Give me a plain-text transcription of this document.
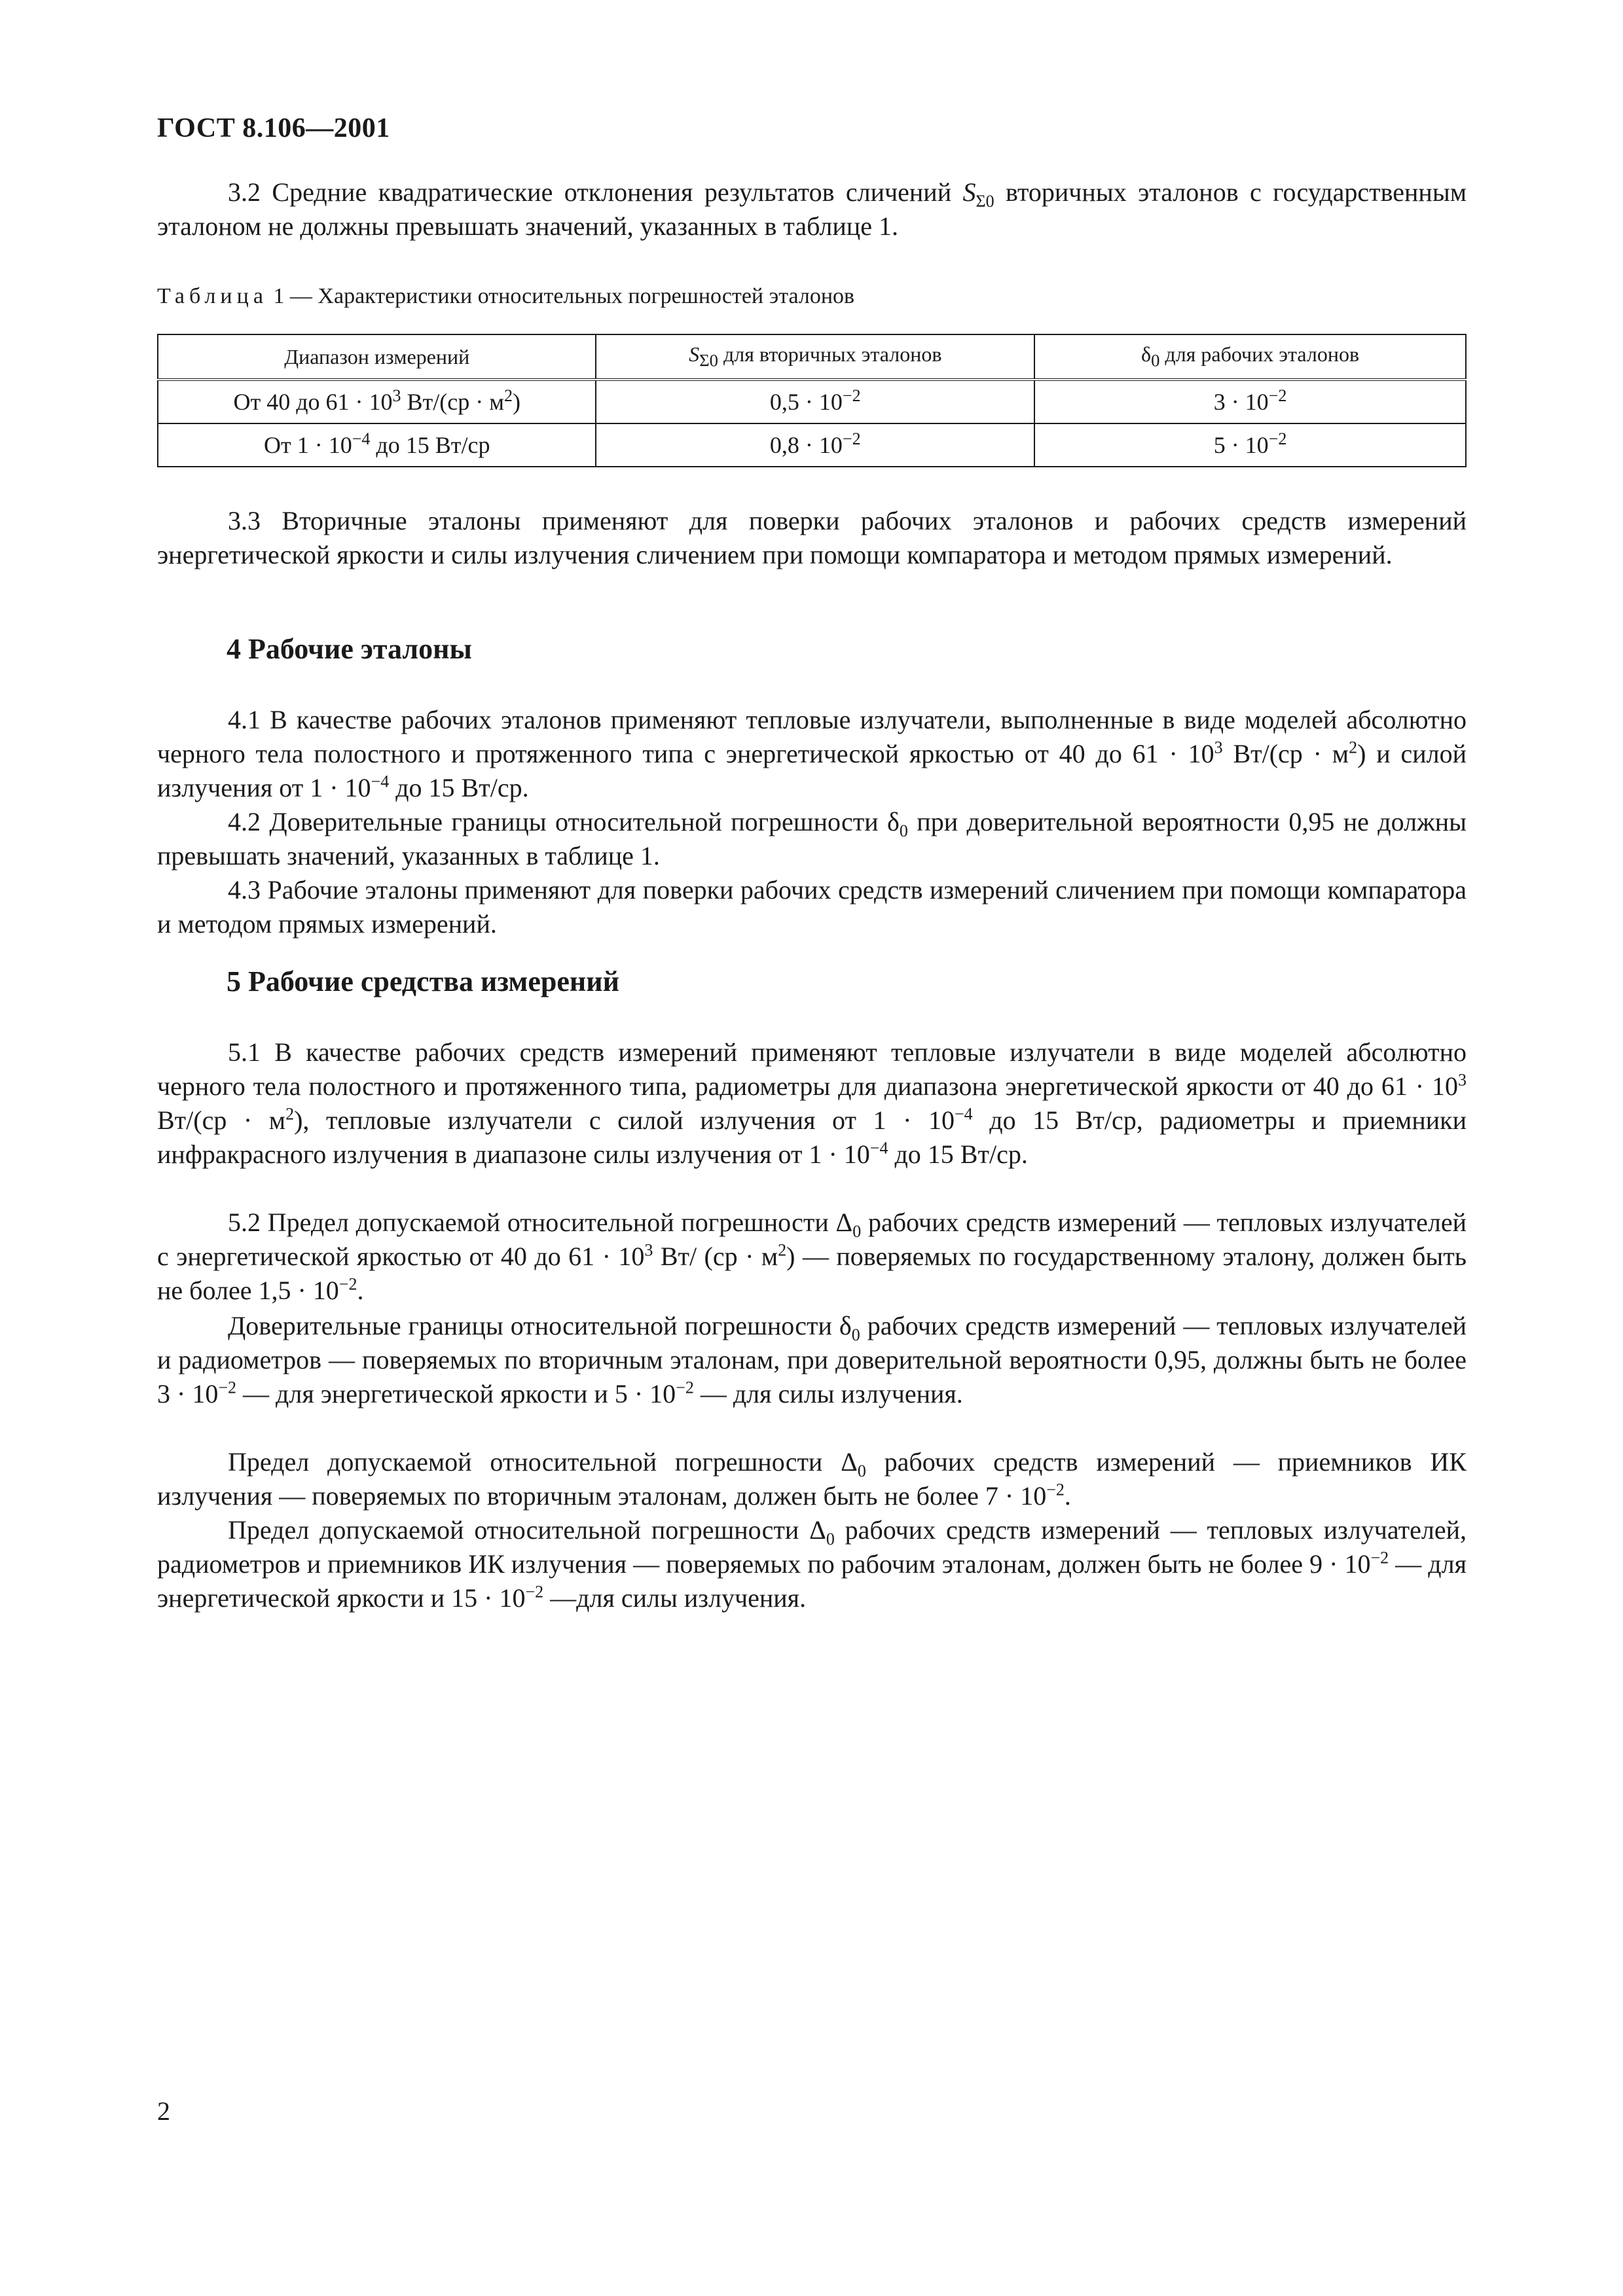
ГОСТ 8.106—2001

3.2 Средние квадратические отклонения результатов сличений $S_{\Sigma 0}$ вторичных эталонов с государственным эталоном не должны превышать значений, указанных в таблице 1.

Таблица 1 — Характеристики относительных погрешностей эталонов
Диапазон измерений	$S_{\Sigma 0}$ для вторичных эталонов	$\delta_0$ для рабочих эталонов
От 40 до $61 \cdot 10^3$ $Вт/(ср \cdot м^2)$	$0,5 \cdot 10^{-2}$	$3 \cdot 10^{-2}$
От $1 \cdot 10^{-4}$ до 15 Вт/ср	$0,8 \cdot 10^{-2}$	$5 \cdot 10^{-2}$

3.3 Вторичные эталоны применяют для поверки рабочих эталонов и рабочих средств измерений энергетической яркости и силы излучения сличением при помощи компаратора и методом прямых измерений.

4 Рабочие эталоны

4.1 В качестве рабочих эталонов применяют тепловые излучатели, выполненные в виде моделей абсолютно черного тела полостного и протяженного типа с энергетической яркостью от 40 до $61 \cdot 10^3$ $Вт/(ср \cdot м^2)$ и силой излучения от $1 \cdot 10^{-4}$ до 15 Вт/ср.

4.2 Доверительные границы относительной погрешности $\delta_0$ при доверительной вероятности 0,95 не должны превышать значений, указанных в таблице 1.

4.3 Рабочие эталоны применяют для поверки рабочих средств измерений сличением при помощи компаратора и методом прямых измерений.

5 Рабочие средства измерений

5.1 В качестве рабочих средств измерений применяют тепловые излучатели в виде моделей абсолютно черного тела полостного и протяженного типа, радиометры для диапазона энергетической яркости от 40 до $61 \cdot 10^3$ $Вт/(ср \cdot м^2)$, тепловые излучатели с силой излучения от $1 \cdot 10^{-4}$ до 15 Вт/ср, радиометры и приемники инфракрасного излучения в диапазоне силы излучения от $1 \cdot 10^{-4}$ до 15 Вт/ср.

5.2 Предел допускаемой относительной погрешности $\Delta_0$ рабочих средств измерений — тепловых излучателей с энергетической яркостью от 40 до $61 \cdot 10^3$ Вт/ $(ср \cdot м^2)$ — поверяемых по государственному эталону, должен быть не более $1,5 \cdot 10^{-2}$.

Доверительные границы относительной погрешности $\delta_0$ рабочих средств измерений — тепловых излучателей и радиометров — поверяемых по вторичным эталонам, при доверительной вероятности 0,95, должны быть не более $3 \cdot 10^{-2}$ — для энергетической яркости и $5 \cdot 10^{-2}$ — для силы излучения.

Предел допускаемой относительной погрешности $\Delta_0$ рабочих средств измерений — приемников ИК излучения — поверяемых по вторичным эталонам, должен быть не более $7 \cdot 10^{-2}$.

Предел допускаемой относительной погрешности $\Delta_0$ рабочих средств измерений — тепловых излучателей, радиометров и приемников ИК излучения — поверяемых по рабочим эталонам, должен быть не более $9 \cdot 10^{-2}$ — для энергетической яркости и $15 \cdot 10^{-2}$ —для силы излучения.

2
